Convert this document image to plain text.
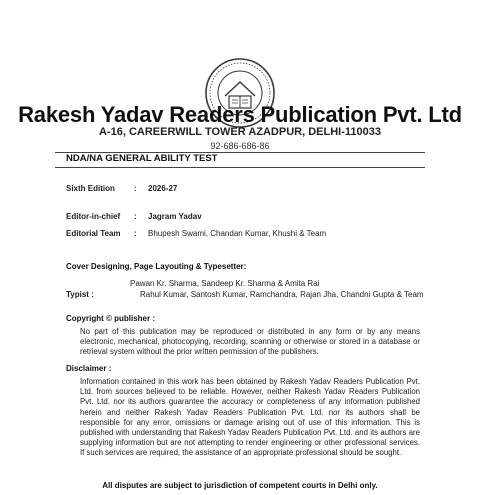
Rakesh Yadav Readers Publication Pvt. Ltd
A-16, CAREERWILL TOWER AZADPUR, DELHI-110033
92-686-686-86
NDA/NA GENERAL ABILITY TEST
Sixth Edition : 2026-27
Editor-in-chief : Jagram Yadav
Editorial Team : Bhupesh Swami, Chandan Kumar, Khushi & Team
Cover Designing, Page Layouting & Typesetter:
Pawan Kr. Sharma, Sandeep Kr. Sharma & Amita Rai
Typist :	Rahul Kumar, Santosh Kumar, Ramchandra, Rajan Jha, Chandni Gupta & Team
Copyright © publisher :
No part of this publication may be reproduced or distributed in any form or by any means electronic, mechanical, photocopying, recording, scanning or otherwise or stored in a database or retrieval system without the prior written permission of the publishers.
Disclaimer :
Information contained in this work has been obtained by Rakesh Yadav Readers Publication Pvt. Ltd. from sources believed to be reliable. However, neither Rakesh Yadav Readers Publication Pvt. Ltd. nor its authors guarantee the accuracy or completeness of any information published herein and neither Rakesh Yadav Readers Publication Pvt. Ltd. nor its authors shall be responsible for any error, omissions or damage arising out of use of this information. This is published with understanding that Rakesh Yadav Readers Publication Pvt. Ltd. and its authors are supplying information but are not attempting to render engineering or other professional services. If such services are required, the assistance of an appropriate professional should be sought.
All disputes are subject to jurisdiction of competent courts in Delhi only.
